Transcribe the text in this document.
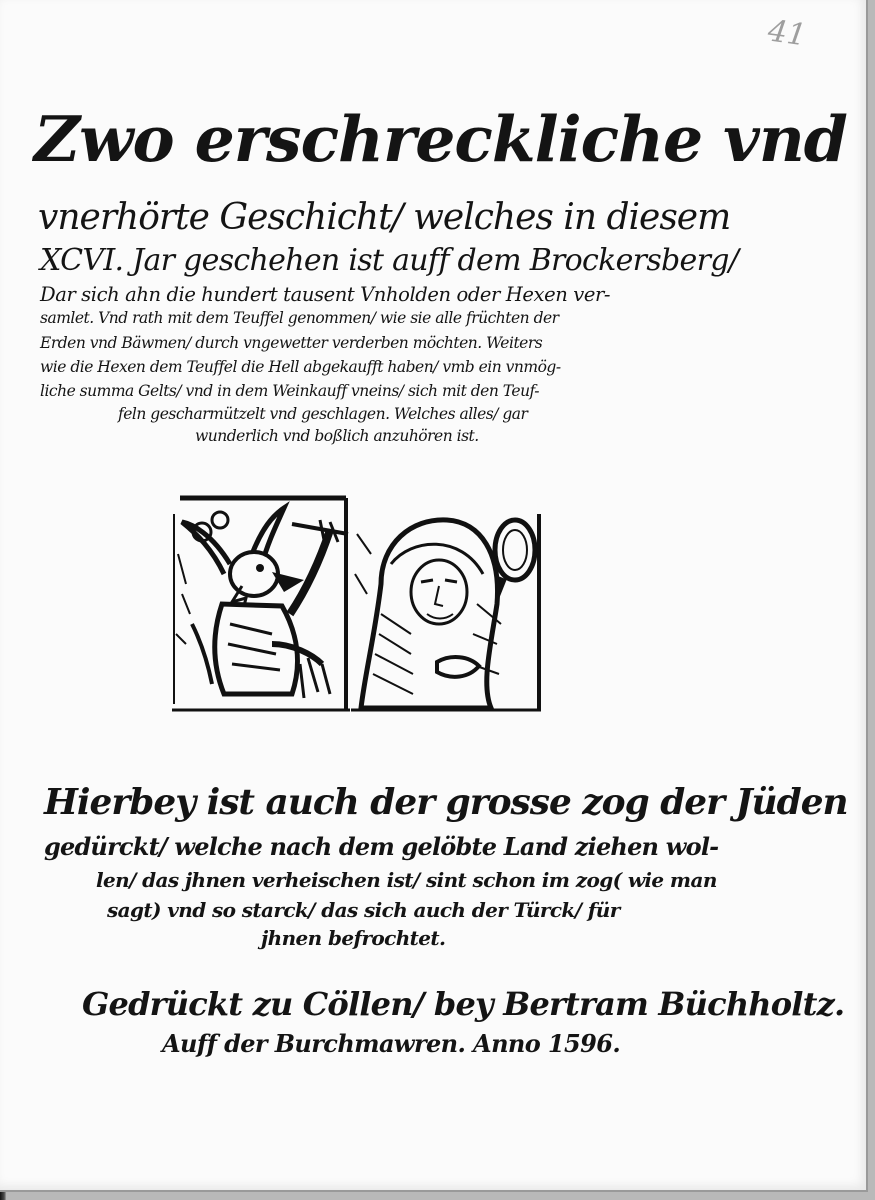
41

Zwo erschreckliche vnd

vnerhörte Geschicht/ welches in diesem

XCVI. Jar geschehen ist auff dem Brockersberg/

Dar sich ahn die hundert tausent Vnholden oder Hexen ver-

samlet. Vnd rath mit dem Teuffel genommen/ wie sie alle früchten der

Erden vnd Bäwmen/ durch vngewetter verderben möchten. Weiters

wie die Hexen dem Teuffel die Hell abgekaufft haben/ vmb ein vnmög-

liche summa Gelts/ vnd in dem Weinkauff vneins/ sich mit den Teuf-

feln gescharmützelt vnd geschlagen. Welches alles/ gar

wunderlich vnd boßlich anzuhören ist.

Hierbey ist auch der grosse zog der Jüden

gedürckt/ welche nach dem gelöbte Land ziehen wol-

len/ das jhnen verheischen ist/ sint schon im zog( wie man

sagt) vnd so starck/ das sich auch der Türck/ für

jhnen befrochtet.

Gedrückt zu Cöllen/ bey Bertram Büchholtz.

Auff der Burchmawren. Anno 1596.
